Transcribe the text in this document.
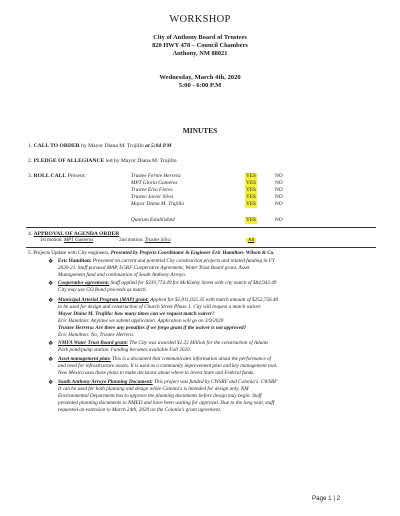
WORKSHOP
City of Anthony Board of Trustees
820 HWY 478 – Council Chambers
Anthony, NM 88021
Wednesday, March 4th, 2020
5:00 - 6:00 P.M
MINUTES
1. CALL TO ORDER by Mayor Diana M. Trujillo at 5:04 P.M
2. PLEDGE OF ALLEGIANCE led by Mayor Diana M. Trujillo
3. ROLL CALL Present:	Trustee Fernie Herrera	YES	NO
MPT Gloria Gameros	YES	NO
Trustee Elva Flores	YES	NO
Trustee Javier Silva	YES	NO
Mayor Diana M. Trujillo	YES	NO
Quorum Established	YES	NO
4. APPROVAL OF AGENDA ORDER
1st motion: MPT Gameros	2nd motion: Trustee Silva	All
5. Projects Update with City engineers. Presented by Projects Coordinator & Engineer Eric Hamilton- Wilson & Co.
❖ Eric Hamilton: Presented on current and potential City construction projects and related funding in FY
2020-21. Staff pursued MAP, LGRF Cooperative Agreement, Water Trust Board grant, Asset
Management fund and continuation of South Anthony Arroyo.
❖ Cooperative agreement: Staff applied for $339,774.49 for McKinley Street with city match of $84,943.49
City may use GO Bond proceeds as match.
❖ Municipal Arterial Program (MAP) grant: Applied for $1,011,025.35 with match amount of $252,756.40
to be used for design and construction of Church Street Phase 1. City will request a match waiver.
Mayor Diana M. Trujillo: how many times can we request match waiver?
Eric Hamilton: Anytime we submit application. Application will go on 3/9/2020
Trustee Herrera: Are there any penalties if we forgo grant if the waiver is not approved?
Eric Hamilton: No, Trustee Herrera.
❖ NMFA Water Trust Board grant: The City was awarded $1.25 Million for the construction of Adams
Park pond/pump station. Funding becomes available Fall 2020.
❖ Asset management plan: This is a document that communicates information about the performance of
and need for infrastructure assets. It is used as a community improvement plan and key management tool.
New Mexico uses these plans to make decisions about where to invest State and Federal funds.
❖ South Anthony Arroyo Planning Document: This project was funded by CWSRF and Colonia's. CWSRF
It can be used for both planning and design while Colonia's is intended for design only. NM
Environmental Department has to approve the planning documents before design may begin. Staff
presented planning documents to NMED and have been waiting for approval. Due to the long wait, staff
requested an extension to March 24th, 2020 on the Colonia's grant agreement.
Page 1 | 2
